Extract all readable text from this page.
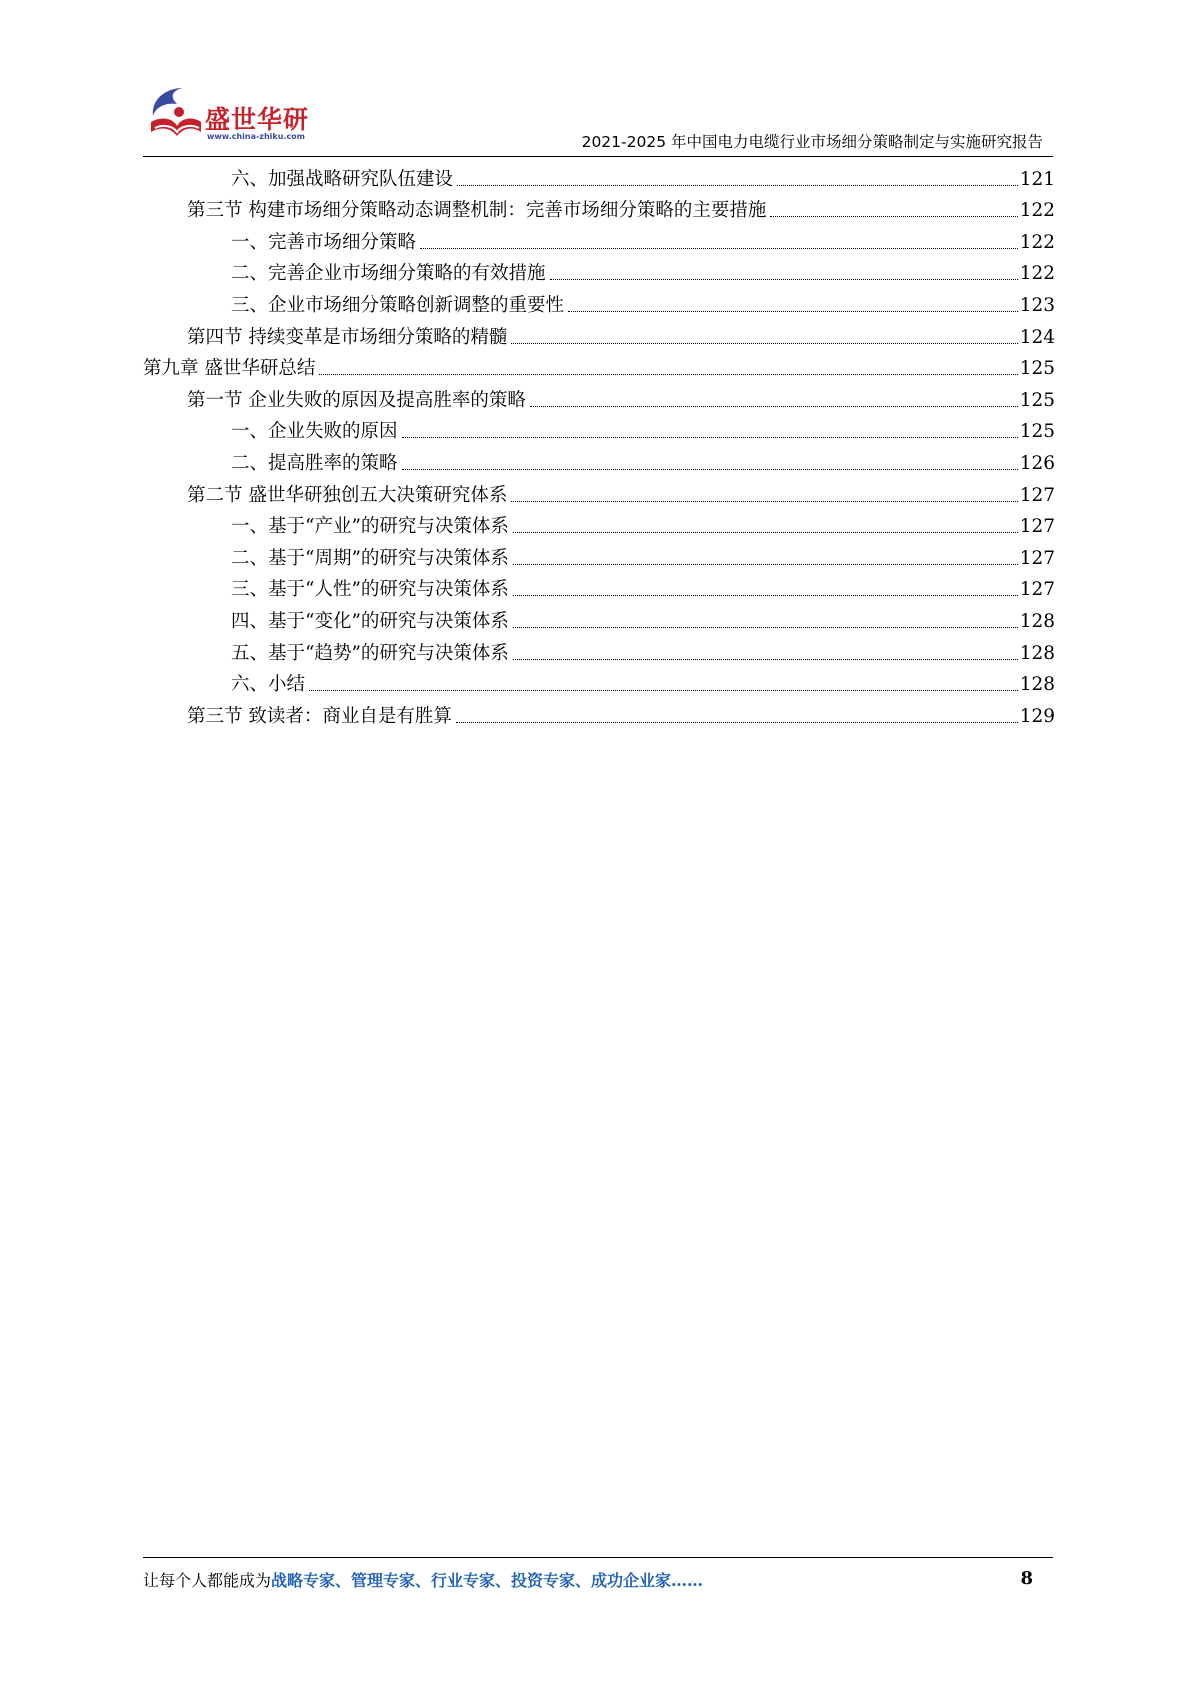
盛世华研
www.china-zhiku.com	2021-2025 年中国电力电缆行业市场细分策略制定与实施研究报告
六、加强战略研究队伍建设	121
第三节 构建市场细分策略动态调整机制：完善市场细分策略的主要措施	122
一、完善市场细分策略	122
二、完善企业市场细分策略的有效措施	122
三、企业市场细分策略创新调整的重要性	123
第四节 持续变革是市场细分策略的精髓	124
第九章 盛世华研总结	125
第一节 企业失败的原因及提高胜率的策略	125
一、企业失败的原因	125
二、提高胜率的策略	126
第二节 盛世华研独创五大决策研究体系	127
一、基于“产业”的研究与决策体系	127
二、基于“周期”的研究与决策体系	127
三、基于“人性”的研究与决策体系	127
四、基于“变化”的研究与决策体系	128
五、基于“趋势”的研究与决策体系	128
六、小结	128
第三节 致读者：商业自是有胜算	129
让每个人都能成为战略专家、管理专家、行业专家、投资专家、成功企业家……	8
